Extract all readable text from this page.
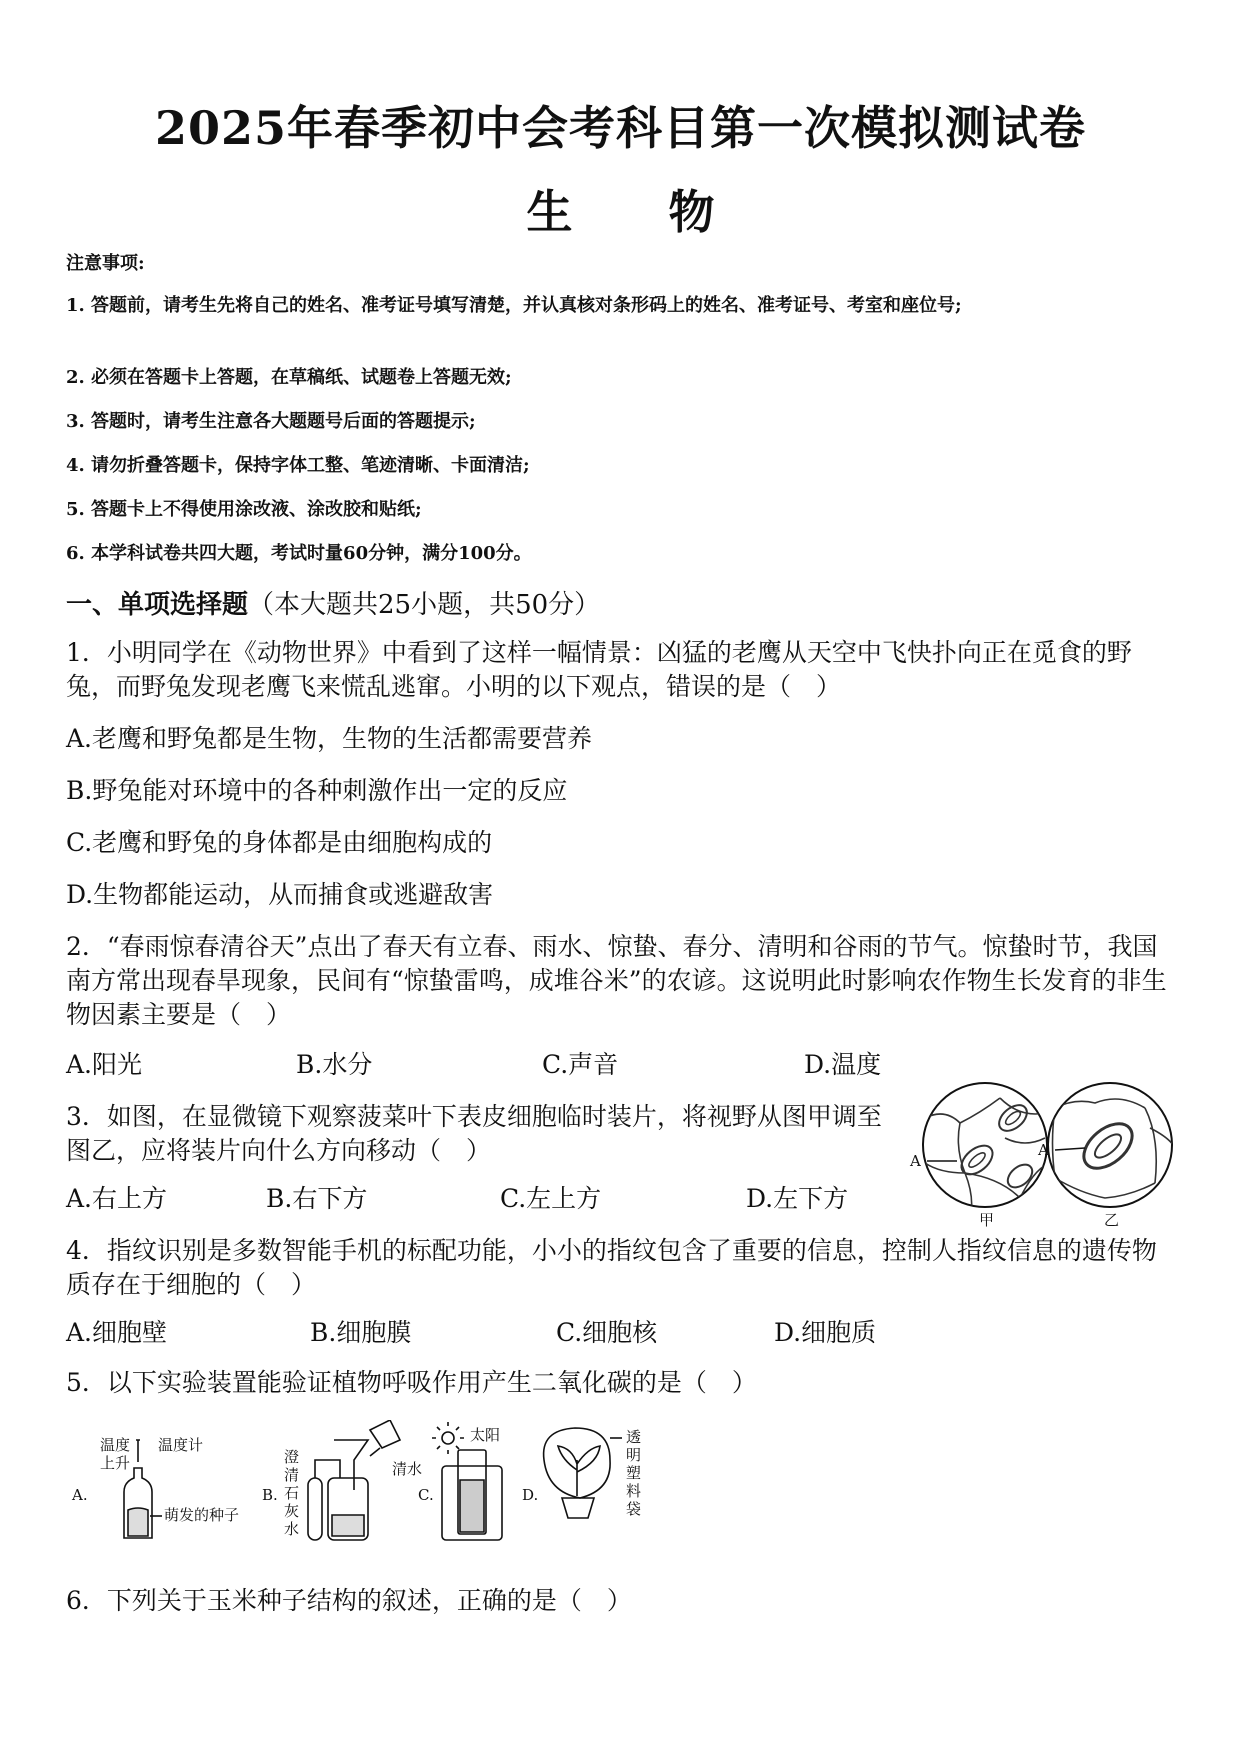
2025年春季初中会考科目第一次模拟测试卷
生 物
注意事项:
1. 答题前，请考生先将自己的姓名、准考证号填写清楚，并认真核对条形码上的姓名、准考证号、考室和座位号;
2. 必须在答题卡上答题，在草稿纸、试题卷上答题无效;
3. 答题时，请考生注意各大题题号后面的答题提示;
4. 请勿折叠答题卡，保持字体工整、笔迹清晰、卡面清洁;
5. 答题卡上不得使用涂改液、涂改胶和贴纸;
6. 本学科试卷共四大题，考试时量60分钟，满分100分。
一、单项选择题（本大题共25小题，共50分）
1．小明同学在《动物世界》中看到了这样一幅情景：凶猛的老鹰从天空中飞快扑向正在觅食的野兔，而野兔发现老鹰飞来慌乱逃窜。小明的以下观点，错误的是（　）
A.老鹰和野兔都是生物，生物的生活都需要营养
B.野兔能对环境中的各种刺激作出一定的反应
C.老鹰和野兔的身体都是由细胞构成的
D.生物都能运动，从而捕食或逃避敌害
2．“春雨惊春清谷天”点出了春天有立春、雨水、惊蛰、春分、清明和谷雨的节气。惊蛰时节，我国南方常出现春旱现象，民间有“惊蛰雷鸣，成堆谷米”的农谚。这说明此时影响农作物生长发育的非生物因素主要是（　）
A.阳光	B.水分	C.声音	D.温度
3．如图，在显微镜下观察菠菜叶下表皮细胞临时装片，将视野从图甲调至图乙，应将装片向什么方向移动（　）
A.右上方	B.右下方	C.左上方	D.左下方
A
A
甲	乙
4．指纹识别是多数智能手机的标配功能，小小的指纹包含了重要的信息，控制人指纹信息的遗传物质存在于细胞的（　）
A.细胞壁	B.细胞膜	C.细胞核	D.细胞质
5．以下实验装置能验证植物呼吸作用产生二氧化碳的是（　）
A.
温度
上升
温度计
萌发的种子
B.
澄
清
石
灰
水
清水
C.
太阳
D.
透
明
塑
料
袋
6．下列关于玉米种子结构的叙述，正确的是（　）
